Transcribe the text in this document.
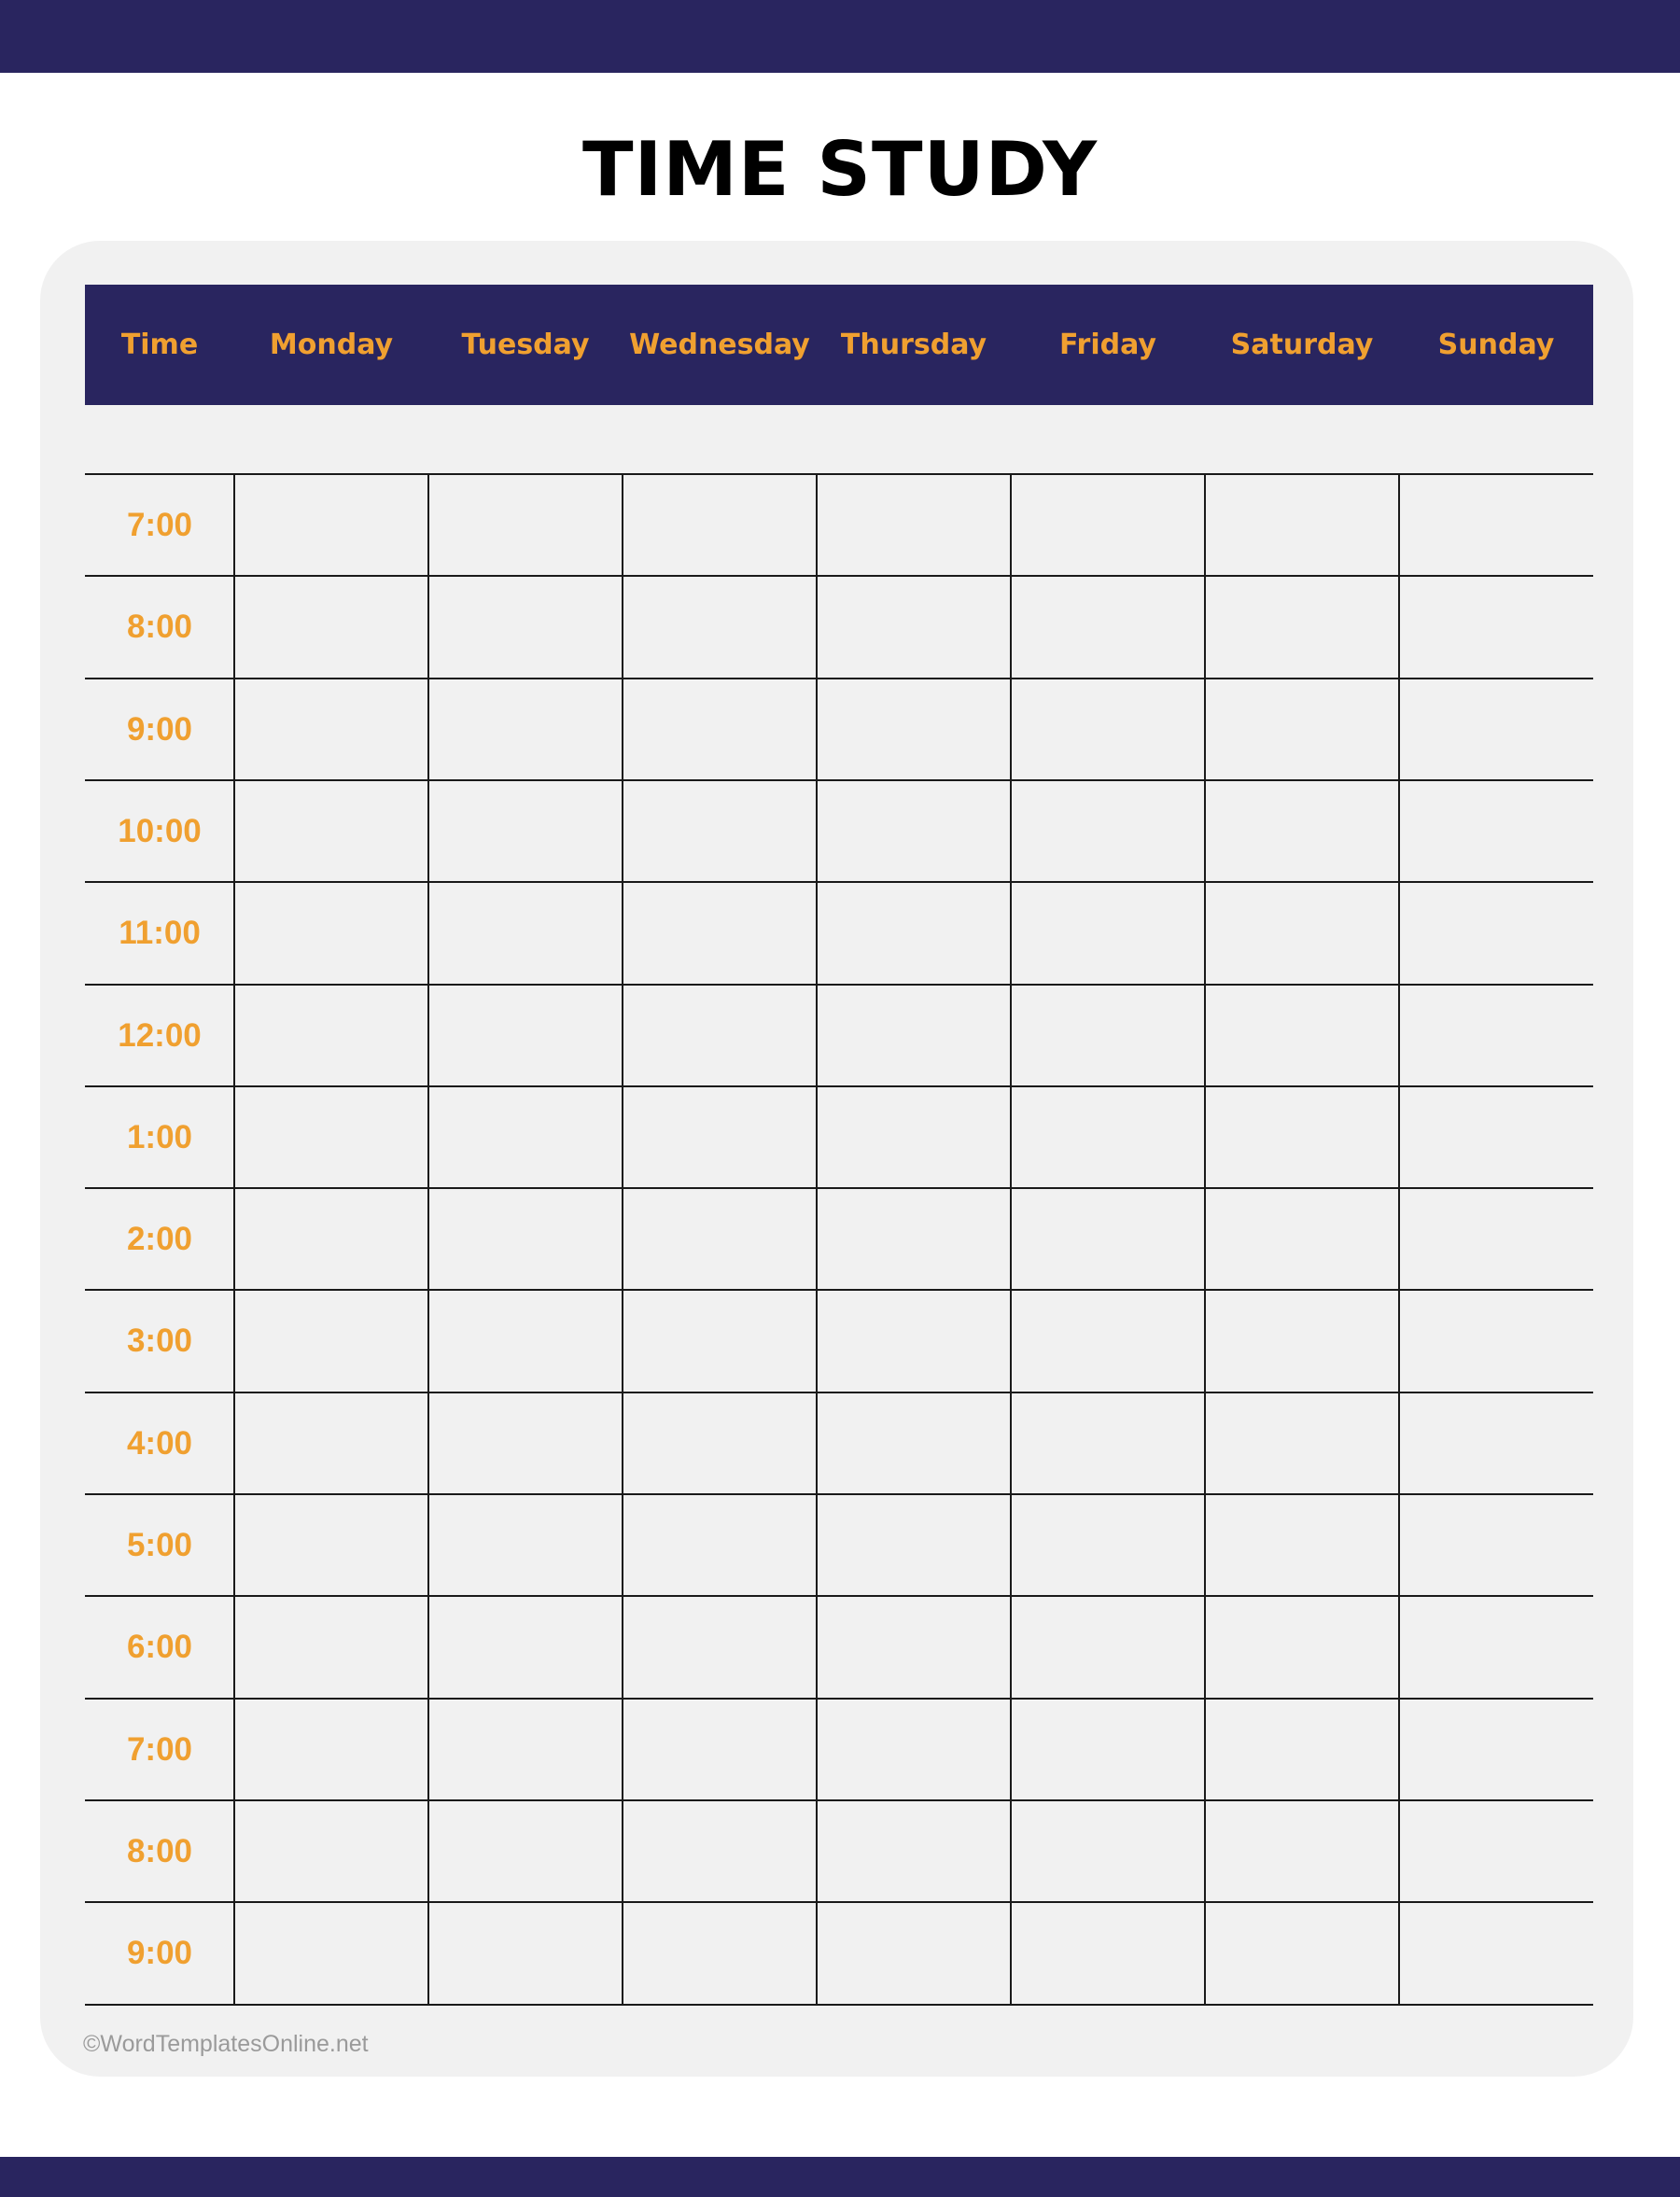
TIME STUDY
Time	Monday	Tuesday	Wednesday	Thursday	Friday	Saturday	Sunday
7:00
8:00
9:00
10:00
11:00
12:00
1:00
2:00
3:00
4:00
5:00
6:00
7:00
8:00
9:00
©WordTemplatesOnline.net
